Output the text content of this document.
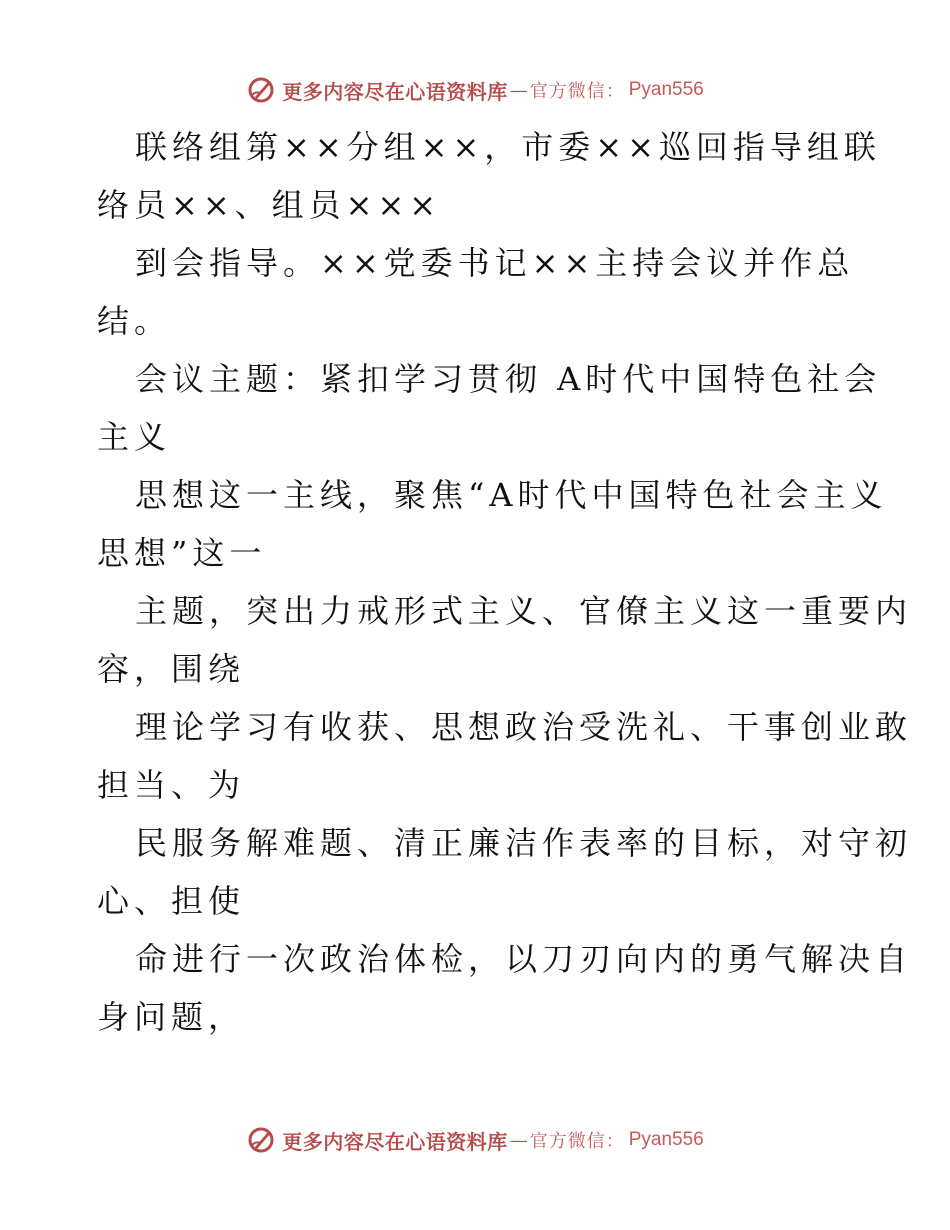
更多内容尽在心语资料库 — 官方微信： Pyan556
联络组第××分组××，市委××巡回指导组联
络员××、组员×××
到会指导。××党委书记××主持会议并作总
结。
会议主题：紧扣学习贯彻 A时代中国特色社会
主义
思想这一主线，聚焦“A时代中国特色社会主义
思想”这一
主题，突出力戒形式主义、官僚主义这一重要内
容，围绕
理论学习有收获、思想政治受洗礼、干事创业敢
担当、为
民服务解难题、清正廉洁作表率的目标，对守初
心、担使
命进行一次政治体检，以刀刃向内的勇气解决自
身问题，
更多内容尽在心语资料库 — 官方微信： Pyan556
